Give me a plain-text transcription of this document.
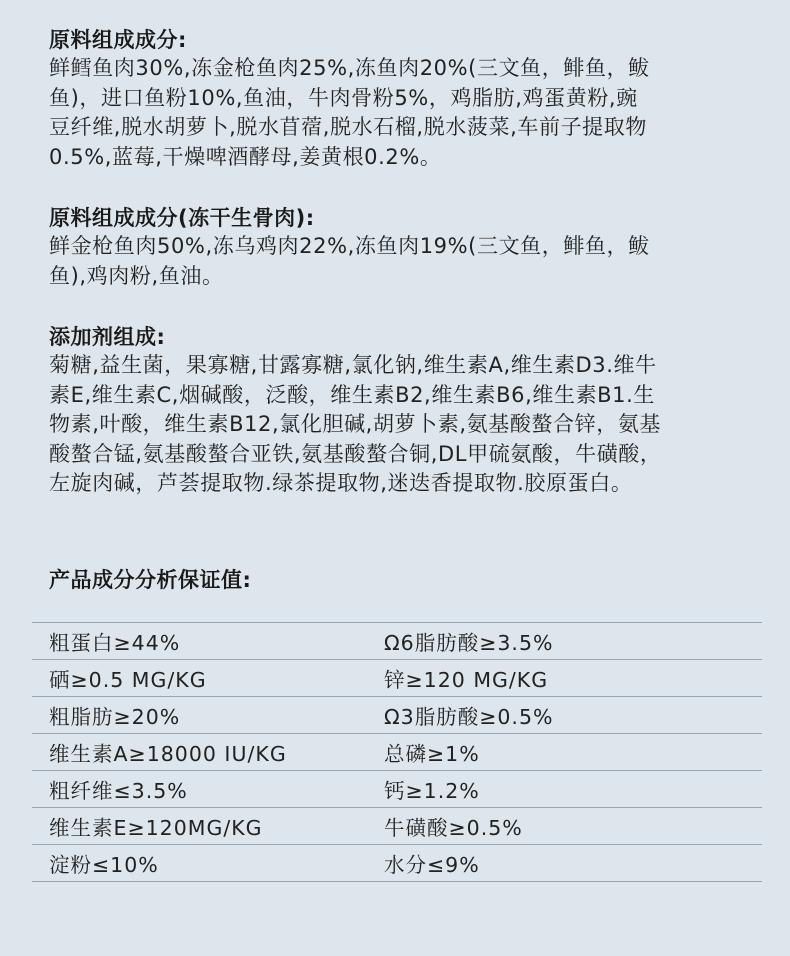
原料组成成分:
鲜鳕鱼肉30%,冻金枪鱼肉25%,冻鱼肉20%(三文鱼，鲱鱼，鲅
鱼)，进口鱼粉10%,鱼油，牛肉骨粉5%，鸡脂肪,鸡蛋黄粉,豌
豆纤维,脱水胡萝卜,脱水苜蓿,脱水石榴,脱水菠菜,车前子提取物
0.5%,蓝莓,干燥啤酒酵母,姜黄根0.2%。
原料组成成分(冻干生骨肉):
鲜金枪鱼肉50%,冻乌鸡肉22%,冻鱼肉19%(三文鱼，鲱鱼，鲅
鱼),鸡肉粉,鱼油。
添加剂组成:
菊糖,益生菌，果寡糖,甘露寡糖,氯化钠,维生素A,维生素D3.维牛
素E,维生素C,烟碱酸，泛酸，维生素B2,维生素B6,维生素B1.生
物素,叶酸，维生素B12,氯化胆碱,胡萝卜素,氨基酸螯合锌，氨基
酸螯合锰,氨基酸螯合亚铁,氨基酸螯合铜,DL甲硫氨酸，牛磺酸，
左旋肉碱，芦荟提取物.绿茶提取物,迷迭香提取物.胶原蛋白。
产品成分分析保证值:
粗蛋白≥44%	Ω6脂肪酸≥3.5%
硒≥0.5 MG/KG	锌≥120 MG/KG
粗脂肪≥20%	Ω3脂肪酸≥0.5%
维生素A≥18000 IU/KG	总磷≥1%
粗纤维≤3.5%	钙≥1.2%
维生素E≥120MG/KG	牛磺酸≥0.5%
淀粉≤10%	水分≤9%
